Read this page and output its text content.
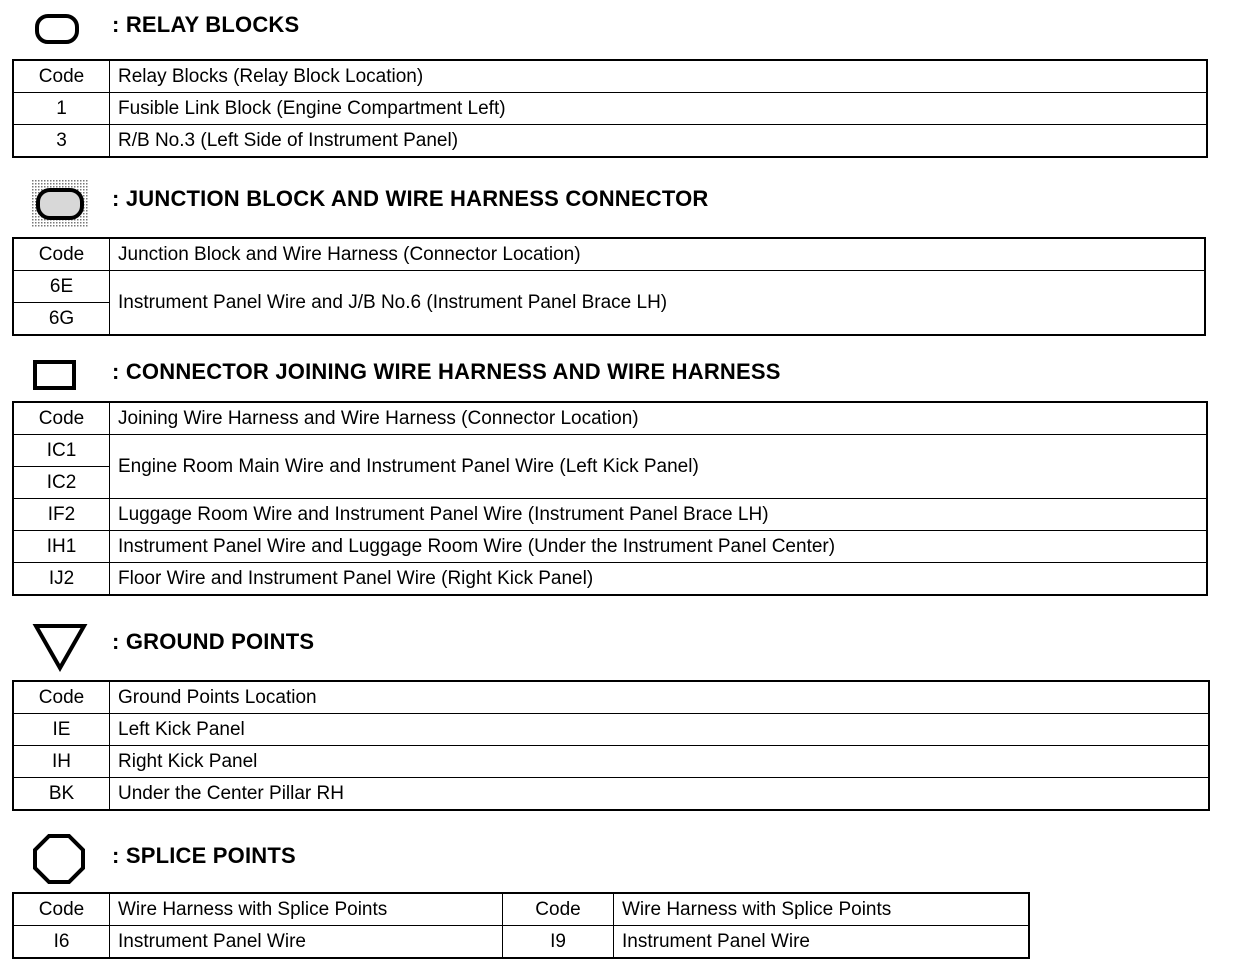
: RELAY BLOCKS
Code	Relay Blocks (Relay Block Location)
1	Fusible Link Block (Engine Compartment Left)
3	R/B No.3 (Left Side of Instrument Panel)
: JUNCTION BLOCK AND WIRE HARNESS CONNECTOR
Code	Junction Block and Wire Harness (Connector Location)
6E	Instrument Panel Wire and J/B No.6 (Instrument Panel Brace LH)
6G	
: CONNECTOR JOINING WIRE HARNESS AND WIRE HARNESS
Code	Joining Wire Harness and Wire Harness (Connector Location)
IC1	Engine Room Main Wire and Instrument Panel Wire (Left Kick Panel)
IC2	
IF2	Luggage Room Wire and Instrument Panel Wire (Instrument Panel Brace LH)
IH1	Instrument Panel Wire and Luggage Room Wire (Under the Instrument Panel Center)
IJ2	Floor Wire and Instrument Panel Wire (Right Kick Panel)
: GROUND POINTS
Code	Ground Points Location
IE	Left Kick Panel
IH	Right Kick Panel
BK	Under the Center Pillar RH
: SPLICE POINTS
Code	Wire Harness with Splice Points	Code	Wire Harness with Splice Points
I6	Instrument Panel Wire	I9	Instrument Panel Wire
